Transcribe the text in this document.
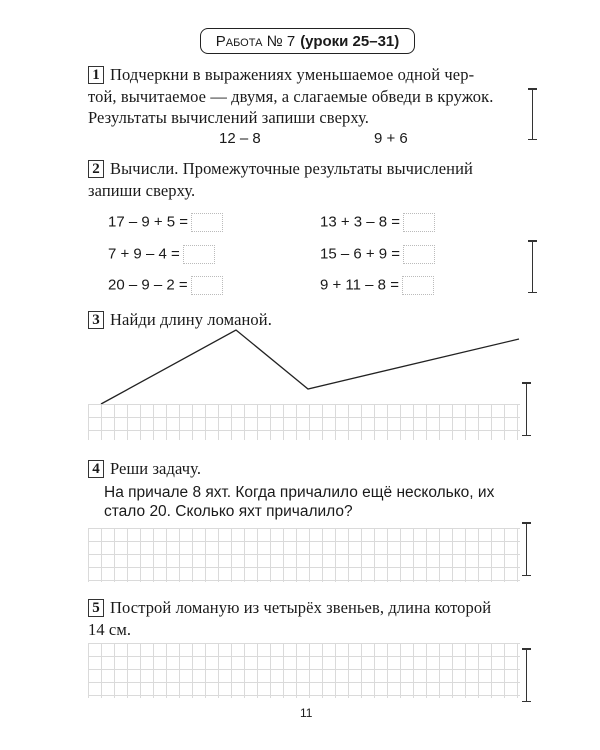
Работа № 7 (уроки 25–31)
1 Подчеркни в выражениях уменьшаемое одной чер-
той, вычитаемое — двумя, а слагаемые обведи в кружок.
Результаты вычислений запиши сверху.
12 – 8	9 + 6
2 Вычисли. Промежуточные результаты вычислений
запиши сверху.
17 – 9 + 5 =
7 + 9 – 4 =
20 – 9 – 2 =
13 + 3 – 8 =
15 – 6 + 9 =
9 + 11 – 8 =
3 Найди длину ломаной.
4 Реши задачу.
На причале 8 яхт. Когда причалило ещё несколько, их
стало 20. Сколько яхт причалило?
5 Построй ломаную из четырёх звеньев, длина которой
14 см.
11
